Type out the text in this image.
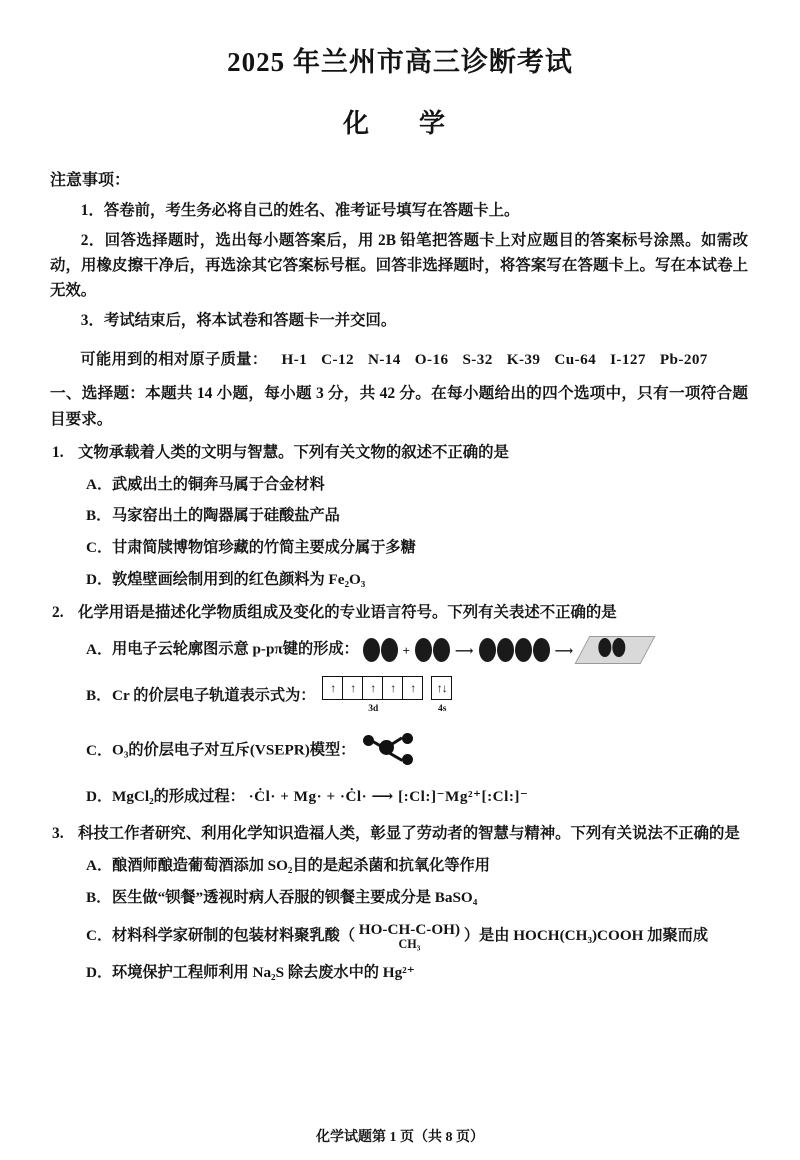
2025 年兰州市高三诊断考试
化　学
注意事项：
1．答卷前，考生务必将自己的姓名、准考证号填写在答题卡上。
2．回答选择题时，选出每小题答案后，用 2B 铅笔把答题卡上对应题目的答案标号涂黑。如需改动，用橡皮擦干净后，再选涂其它答案标号框。回答非选择题时，将答案写在答题卡上。写在本试卷上无效。
3．考试结束后，将本试卷和答题卡一并交回。
可能用到的相对原子质量： H-1 C-12 N-14 O-16 S-32 K-39 Cu-64 I-127 Pb-207
一、选择题：本题共 14 小题，每小题 3 分，共 42 分。在每小题给出的四个选项中，只有一项符合题目要求。
1. 文物承载着人类的文明与智慧。下列有关文物的叙述不正确的是
A． 武威出土的铜奔马属于合金材料
B． 马家窑出土的陶器属于硅酸盐产品
C． 甘肃简牍博物馆珍藏的竹简主要成分属于多糖
D． 敦煌壁画绘制用到的红色颜料为 Fe₂O₃
2. 化学用语是描述化学物质组成及变化的专业语言符号。下列有关表述不正确的是
A． 用电子云轮廓图示意 p-pπ键的形成：	+	⟶	⟶
B． Cr 的价层电子轨道表示式为：	↑	↑	↑	↑	↑
3d
↑↓
4s
C． O₃的价层电子对互斥(VSEPR)模型：
D． MgCl₂的形成过程： ·Ċl· + Mg· + ·Ċl· ⟶ [:Cl:]⁻Mg²⁺[:Cl:]⁻
3. 科技工作者研究、利用化学知识造福人类，彰显了劳动者的智慧与精神。下列有关说法不正确的是
A． 酿酒师酿造葡萄酒添加 SO₂目的是起杀菌和抗氧化等作用
B． 医生做“钡餐”透视时病人吞服的钡餐主要成分是 BaSO₄
C． 材料科学家研制的包装材料聚乳酸（ HO-CH-C-OH)
CH₃
）是由 HOCH(CH₃)COOH 加聚而成
D． 环境保护工程师利用 Na₂S 除去废水中的 Hg²⁺
化学试题第 1 页（共 8 页）
